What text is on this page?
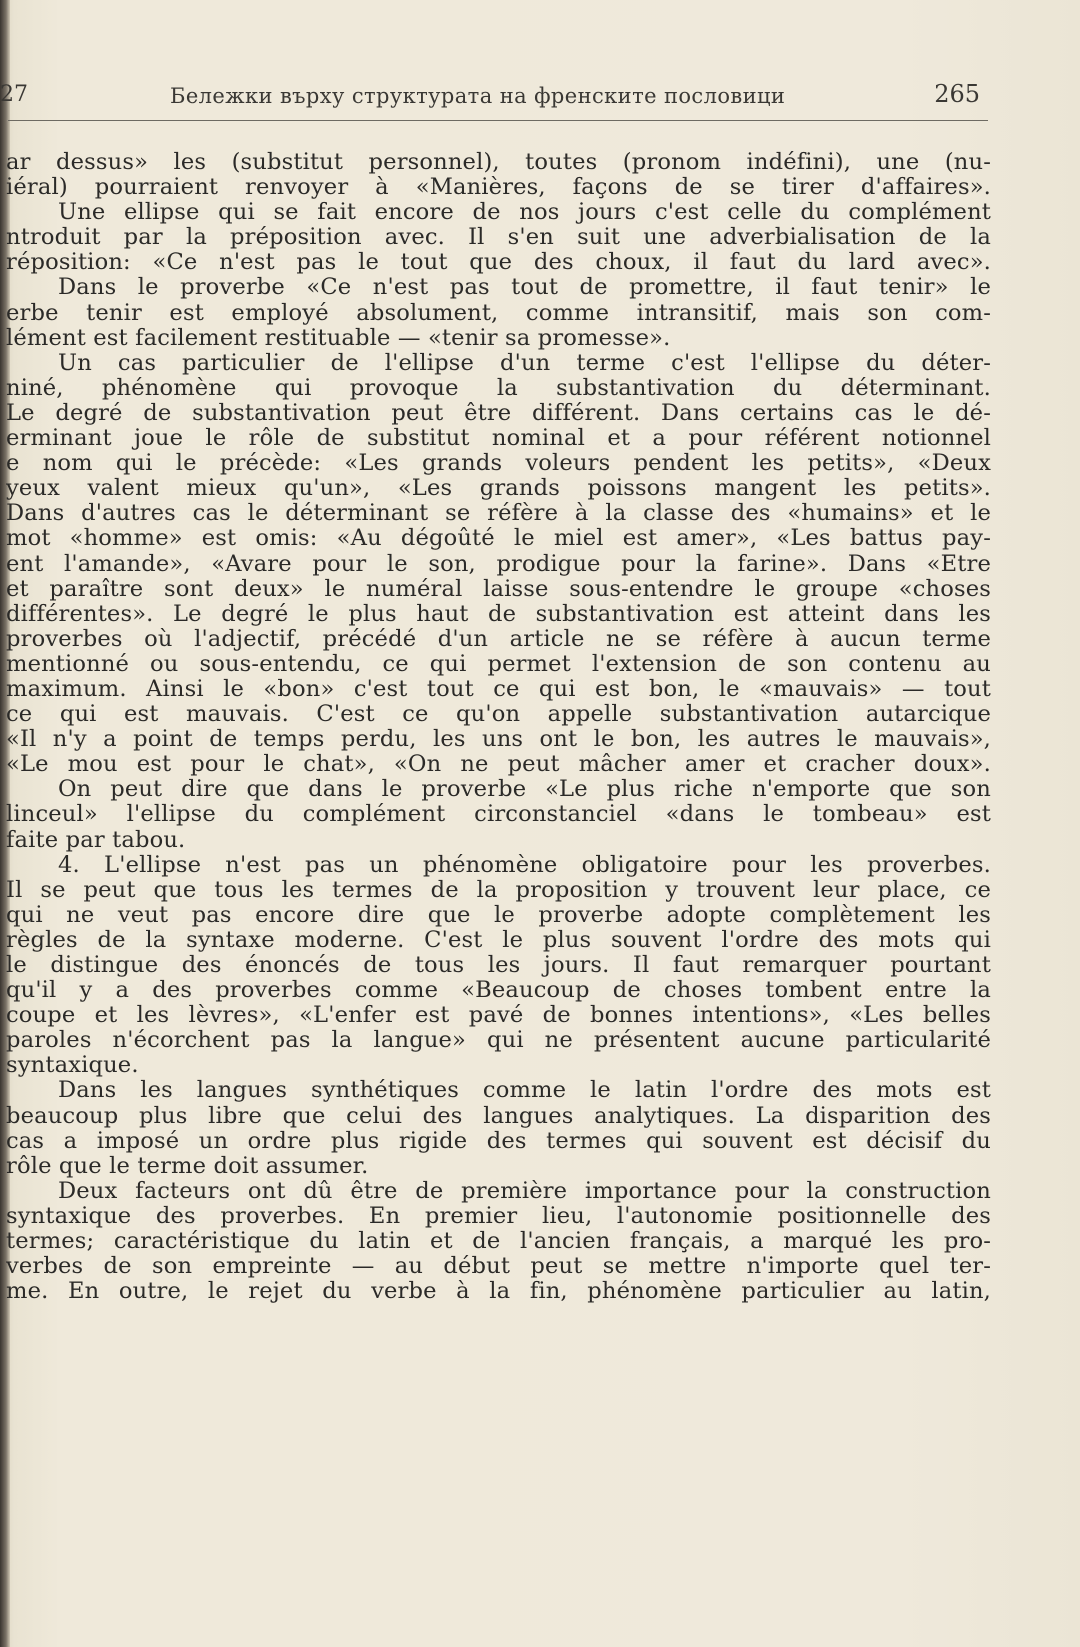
27	Бележки върху структурата на френските пословици	265
ar dessus» les (substitut personnel), toutes (pronom indéfini), une (nu-
iéral) pourraient renvoyer à «Manières, façons de se tirer d'affaires».
Une ellipse qui se fait encore de nos jours c'est celle du complément
ntroduit par la préposition avec. Il s'en suit une adverbialisation de la
réposition: «Ce n'est pas le tout que des choux, il faut du lard avec».
Dans le proverbe «Ce n'est pas tout de promettre, il faut tenir» le
erbe tenir est employé absolument, comme intransitif, mais son com-
lément est facilement restituable — «tenir sa promesse».
Un cas particulier de l'ellipse d'un terme c'est l'ellipse du déter-
niné, phénomène qui provoque la substantivation du déterminant.
Le degré de substantivation peut être différent. Dans certains cas le dé-
erminant joue le rôle de substitut nominal et a pour référent notionnel
e nom qui le précède: «Les grands voleurs pendent les petits», «Deux
yeux valent mieux qu'un», «Les grands poissons mangent les petits».
Dans d'autres cas le déterminant se réfère à la classe des «humains» et le
mot «homme» est omis: «Au dégoûté le miel est amer», «Les battus pay-
ent l'amande», «Avare pour le son, prodigue pour la farine». Dans «Etre
et paraître sont deux» le numéral laisse sous-entendre le groupe «choses
différentes». Le degré le plus haut de substantivation est atteint dans les
proverbes où l'adjectif, précédé d'un article ne se réfère à aucun terme
mentionné ou sous-entendu, ce qui permet l'extension de son contenu au
maximum. Ainsi le «bon» c'est tout ce qui est bon, le «mauvais» — tout
ce qui est mauvais. C'est ce qu'on appelle substantivation autarcique
«Il n'y a point de temps perdu, les uns ont le bon, les autres le mauvais»,
«Le mou est pour le chat», «On ne peut mâcher amer et cracher doux».
On peut dire que dans le proverbe «Le plus riche n'emporte que son
linceul» l'ellipse du complément circonstanciel «dans le tombeau» est
faite par tabou.
4. L'ellipse n'est pas un phénomène obligatoire pour les proverbes.
Il se peut que tous les termes de la proposition y trouvent leur place, ce
qui ne veut pas encore dire que le proverbe adopte complètement les
règles de la syntaxe moderne. C'est le plus souvent l'ordre des mots qui
le distingue des énoncés de tous les jours. Il faut remarquer pourtant
qu'il y a des proverbes comme «Beaucoup de choses tombent entre la
coupe et les lèvres», «L'enfer est pavé de bonnes intentions», «Les belles
paroles n'écorchent pas la langue» qui ne présentent aucune particularité
syntaxique.
Dans les langues synthétiques comme le latin l'ordre des mots est
beaucoup plus libre que celui des langues analytiques. La disparition des
cas a imposé un ordre plus rigide des termes qui souvent est décisif du
rôle que le terme doit assumer.
Deux facteurs ont dû être de première importance pour la construction
syntaxique des proverbes. En premier lieu, l'autonomie positionnelle des
termes; caractéristique du latin et de l'ancien français, a marqué les pro-
verbes de son empreinte — au début peut se mettre n'importe quel ter-
me. En outre, le rejet du verbe à la fin, phénomène particulier au latin,
